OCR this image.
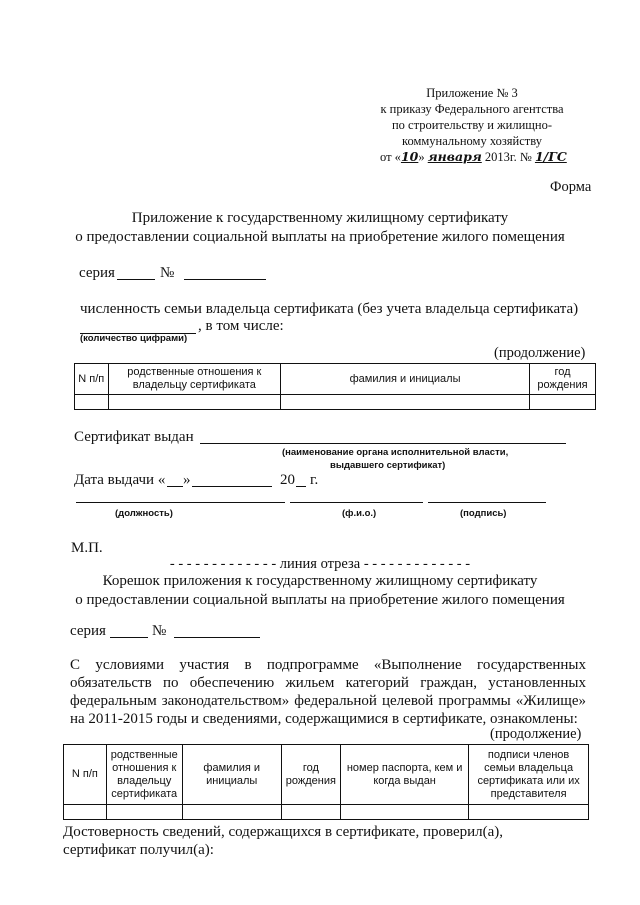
Приложение № 3
к приказу Федерального агентства
по строительству и жилищно-
коммунальному хозяйству
от «10» января 2013г. № 1/ГС
Форма
Приложение к государственному жилищному сертификату
о предоставлении социальной выплаты на приобретение жилого помещения
серия	№
численность семьи владельца сертификата (без учета владельца сертификата)
, в том числе:
(количество цифрами)
(продолжение)
N п/п	родственные отношения к владельцу сертификата	фамилия и инициалы	год рождения

Сертификат выдан
(наименование органа исполнительной власти,
выдавшего сертификат)
Дата выдачи « »	20 г.
(должность)	(ф.и.о.)	(подпись)
М.П.
- - - - - - - - - - - - - линия отреза - - - - - - - - - - - - -
Корешок приложения к государственному жилищному сертификату
о предоставлении социальной выплаты на приобретение жилого помещения
серия	№
С условиями участия в подпрограмме «Выполнение государственных
обязательств по обеспечению жильем категорий граждан, установленных
федеральным законодательством» федеральной целевой программы «Жилище»
на 2011-2015 годы и сведениями, содержащимися в сертификате, ознакомлены:
(продолжение)
N п/п	родственные отношения к владельцу сертификата	фамилия и инициалы	год рождения	номер паспорта, кем и когда выдан	подписи членов семьи владельца сертификата или их представителя

Достоверность сведений, содержащихся в сертификате, проверил(а),
сертификат получил(а):
